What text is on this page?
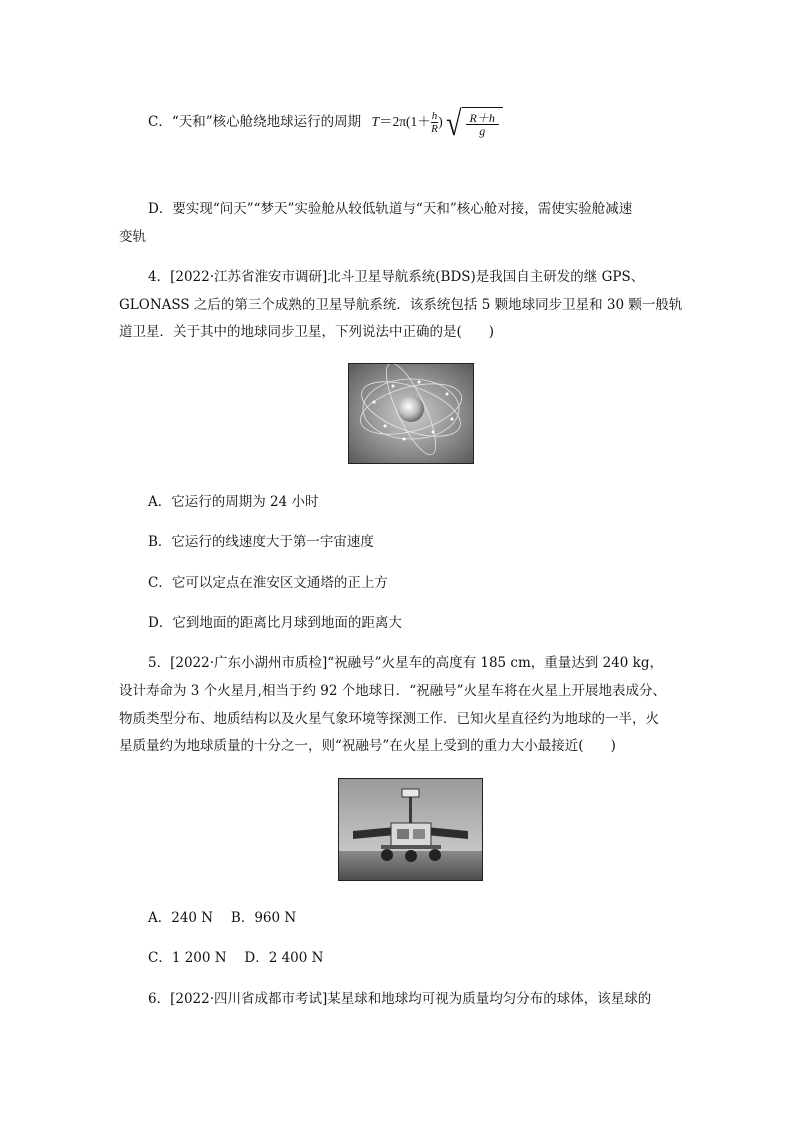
C．“天和”核心舱绕地球运行的周期 $T=2\pi(1+ \frac{h}{R}$ ) √ $\frac{R+h}{g}$
D．要实现“问天”“梦天”实验舱从较低轨道与“天和”核心舱对接，需使实验舱减速
变轨
4．[2022·江苏省淮安市调研]北斗卫星导航系统(BDS)是我国自主研发的继 GPS、
GLONASS 之后的第三个成熟的卫星导航系统．该系统包括 5 颗地球同步卫星和 30 颗一般轨
道卫星．关于其中的地球同步卫星，下列说法中正确的是(　　)
A．它运行的周期为 24 小时
B．它运行的线速度大于第一宇宙速度
C．它可以定点在淮安区文通塔的正上方
D．它到地面的距离比月球到地面的距离大
5．[2022·广东小湖州市质检]“祝融号”火星车的高度有 185 cm，重量达到 240 kg，
设计寿命为 3 个火星月,相当于约 92 个地球日．“祝融号”火星车将在火星上开展地表成分、
物质类型分布、地质结构以及火星气象环境等探测工作．已知火星直径约为地球的一半，火
星质量约为地球质量的十分之一，则“祝融号”在火星上受到的重力大小最接近(　　)
A．240 N　 B．960 N
C．1 200 N　 D．2 400 N
6．[2022·四川省成都市考试]某星球和地球均可视为质量均匀分布的球体，该星球的
